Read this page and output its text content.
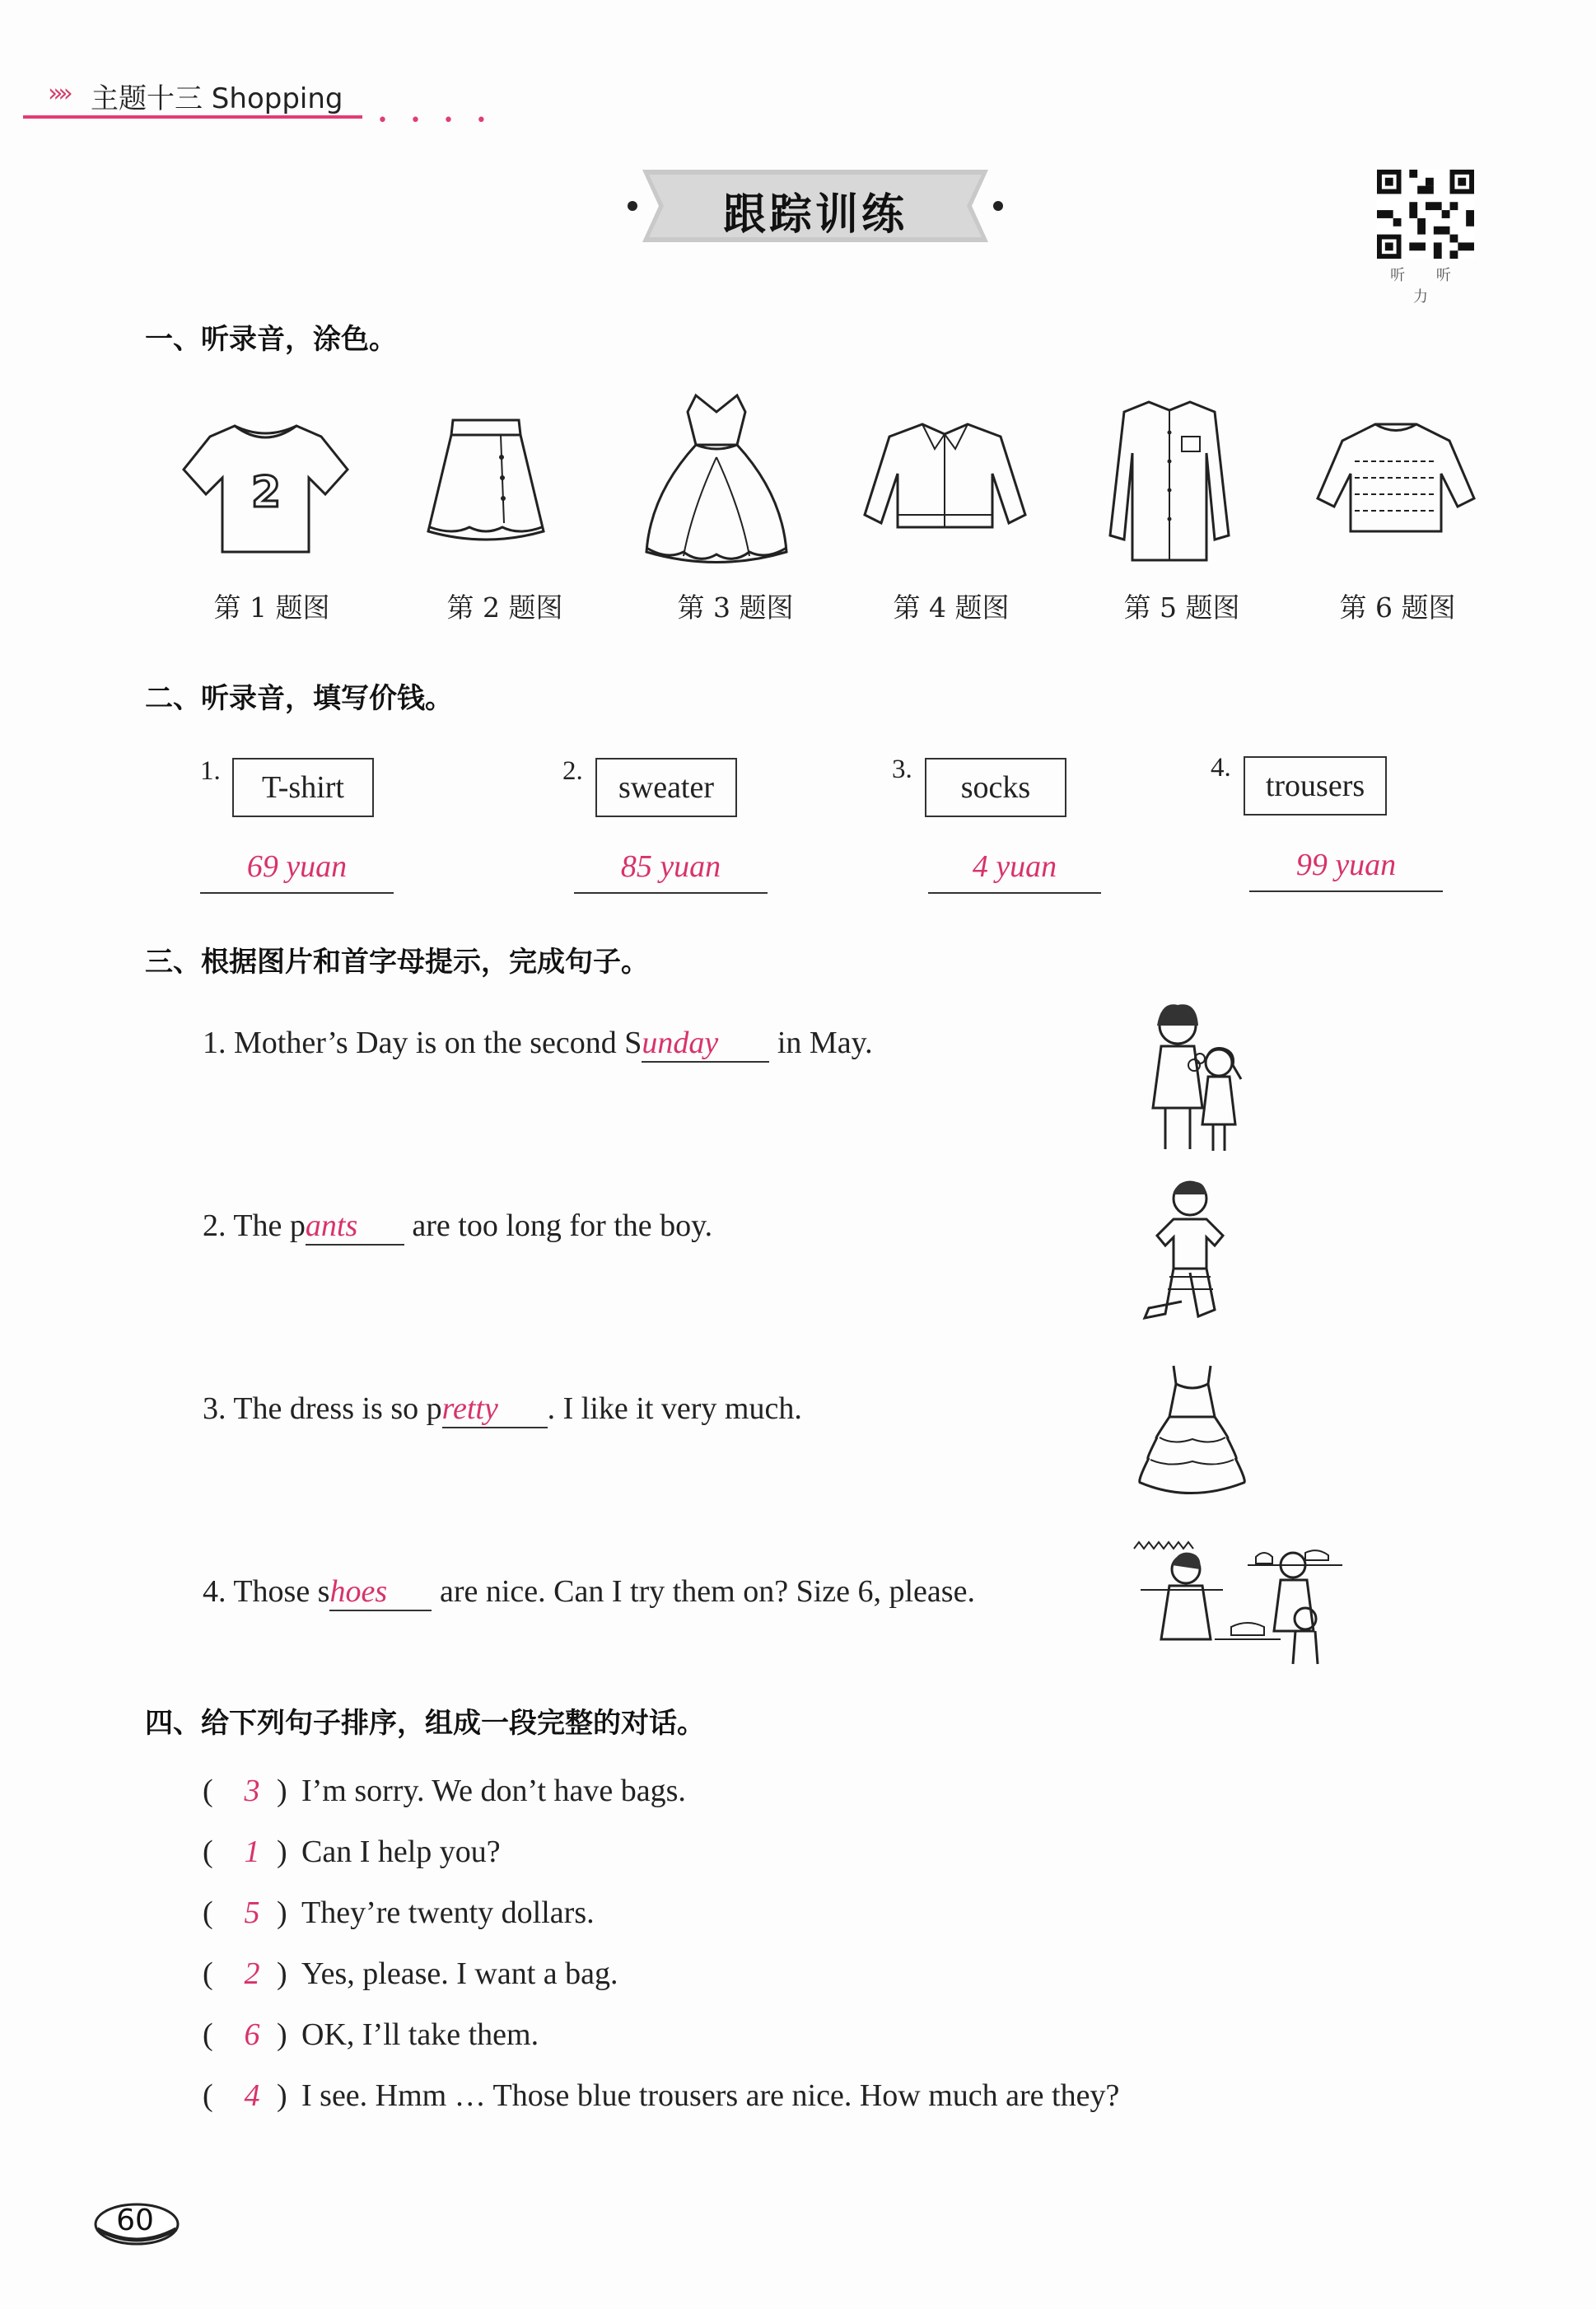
»» 主题十三 Shopping
• • • •
跟踪训练
听 听 力
一、听录音，涂色。
2
第 1 题图	第 2 题图	第 3 题图	第 4 题图	第 5 题图	第 6 题图
二、听录音，填写价钱。
1.	T-shirt
69 yuan
2.	sweater
85 yuan
3.
socks
4 yuan
4.
trousers
99 yuan
三、根据图片和首字母提示，完成句子。
1. Mother’s Day is on the second Sunday in May.
2. The pants are too long for the boy.
3. The dress is so pretty . I like it very much.
4. Those shoes are nice. Can I try them on? Size 6, please.
四、给下列句子排序，组成一段完整的对话。
( 3 ) I’m sorry. We don’t have bags.
( 1 ) Can I help you?
( 5 ) They’re twenty dollars.
( 2 ) Yes, please. I want a bag.
( 6 ) OK, I’ll take them.
( 4 ) I see. Hmm … Those blue trousers are nice. How much are they?
60
